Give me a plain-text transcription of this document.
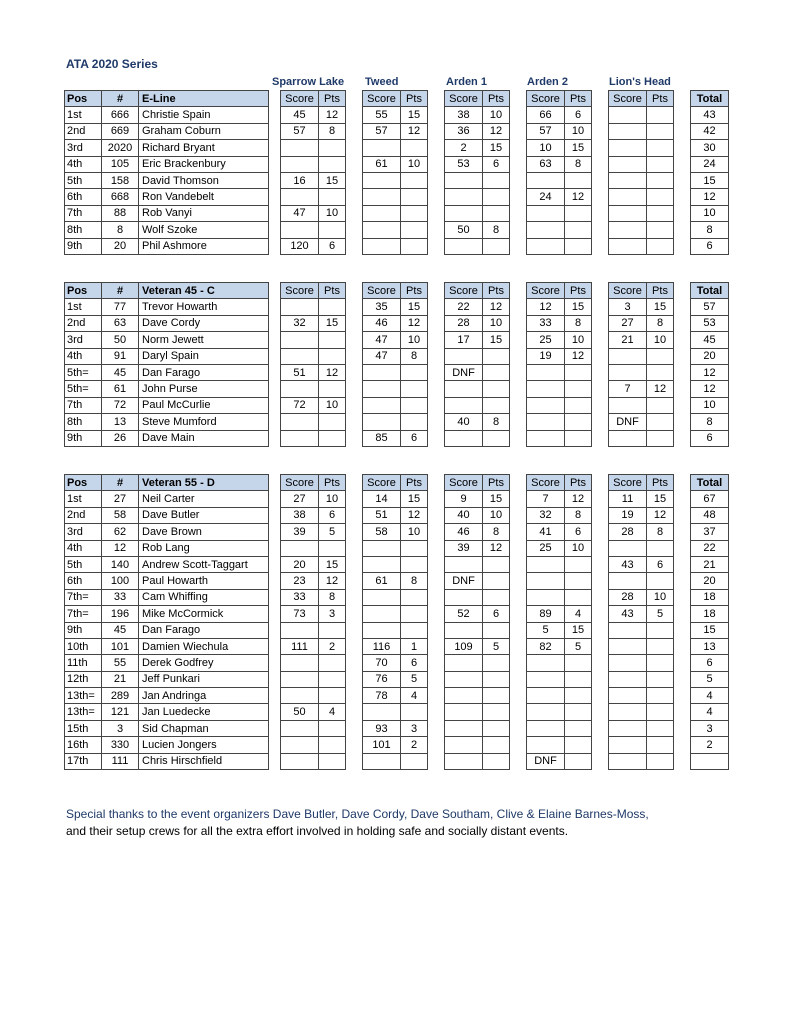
ATA 2020 Series
Sparrow Lake Tweed	Arden 1	Arden 2	Lion's Head
Pos	#	E-Line		Score	Pts		Score	Pts		Score	Pts		Score	Pts		Score	Pts		Total
1st	666	Christie Spain		45	12		55	15		38	10		66	6					43
2nd	669	Graham Coburn		57	8		57	12		36	12		57	10					42
3rd	2020	Richard Bryant								2	15		10	15					30
4th	105	Eric Brackenbury					61	10		53	6		63	8					24
5th	158	David Thomson		16	15														15
6th	668	Ron Vandebelt											24	12					12
7th	88	Rob Vanyi		47	10														10
8th	8	Wolf Szoke								50	8								8
9th	20	Phil Ashmore		120	6														6
Pos	#	Veteran 45 - C		Score	Pts		Score	Pts		Score	Pts		Score	Pts		Score	Pts		Total
1st	77	Trevor Howarth					35	15		22	12		12	15		3	15		57
2nd	63	Dave Cordy		32	15		46	12		28	10		33	8		27	8		53
3rd	50	Norm Jewett					47	10		17	15		25	10		21	10		45
4th	91	Daryl Spain					47	8					19	12					20
5th=	45	Dan Farago		51	12					DNF									12
5th=	61	John Purse														7	12		12
7th	72	Paul McCurlie		72	10														10
8th	13	Steve Mumford								40	8					DNF			8
9th	26	Dave Main					85	6											6
Pos	#	Veteran 55 - D		Score	Pts		Score	Pts		Score	Pts		Score	Pts		Score	Pts		Total
1st	27	Neil Carter		27	10		14	15		9	15		7	12		11	15		67
2nd	58	Dave Butler		38	6		51	12		40	10		32	8		19	12		48
3rd	62	Dave Brown		39	5		58	10		46	8		41	6		28	8		37
4th	12	Rob Lang								39	12		25	10					22
5th	140	Andrew Scott-Taggart		20	15											43	6		21
6th	100	Paul Howarth		23	12		61	8		DNF									20
7th=	33	Cam Whiffing		33	8											28	10		18
7th=	196	Mike McCormick		73	3					52	6		89	4		43	5		18
9th	45	Dan Farago											5	15					15
10th	101	Damien Wiechula		111	2		116	1		109	5		82	5					13
11th	55	Derek Godfrey					70	6											6
12th	21	Jeff Punkari					76	5											5
13th=	289	Jan Andringa					78	4											4
13th=	121	Jan Luedecke		50	4														4
15th	3	Sid Chapman					93	3											3
16th	330	Lucien Jongers					101	2											2
17th	111	Chris Hirschfield											DNF						
Special thanks to the event organizers Dave Butler, Dave Cordy, Dave Southam, Clive & Elaine Barnes-Moss,
and their setup crews for all the extra effort involved in holding safe and socially distant events.
